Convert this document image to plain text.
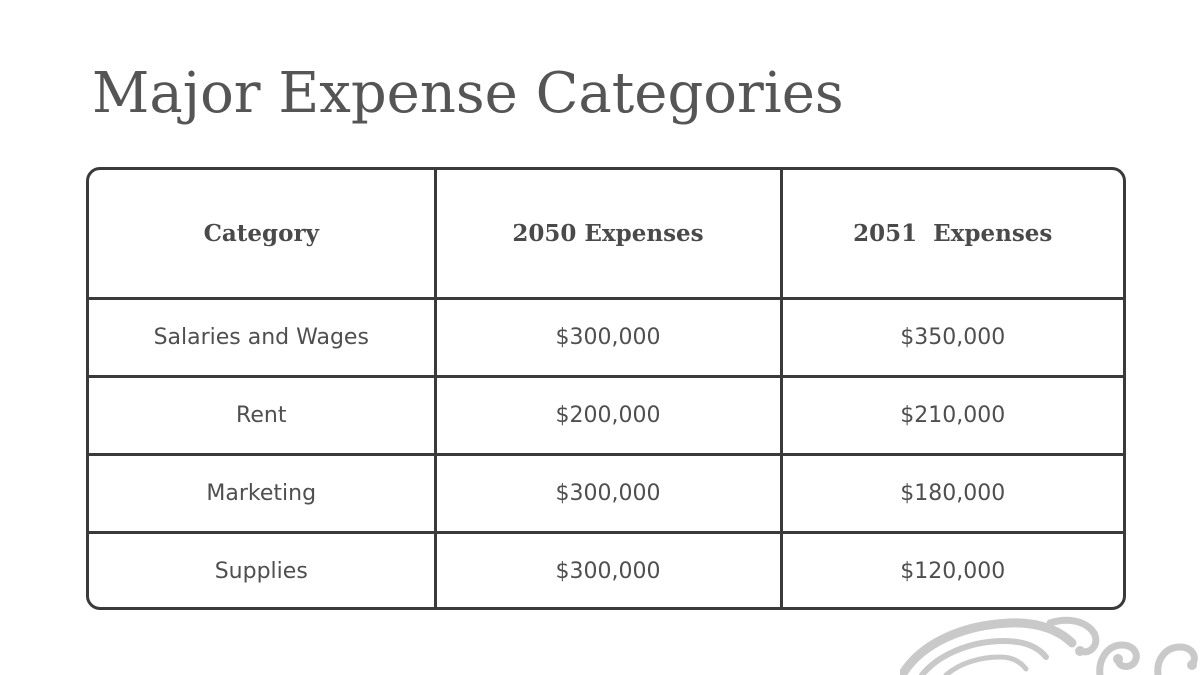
Major Expense Categories
Category	2050 Expenses	2051  Expenses
Salaries and Wages	$300,000	$350,000
Rent	$200,000	$210,000
Marketing	$300,000	$180,000
Supplies	$300,000	$120,000
